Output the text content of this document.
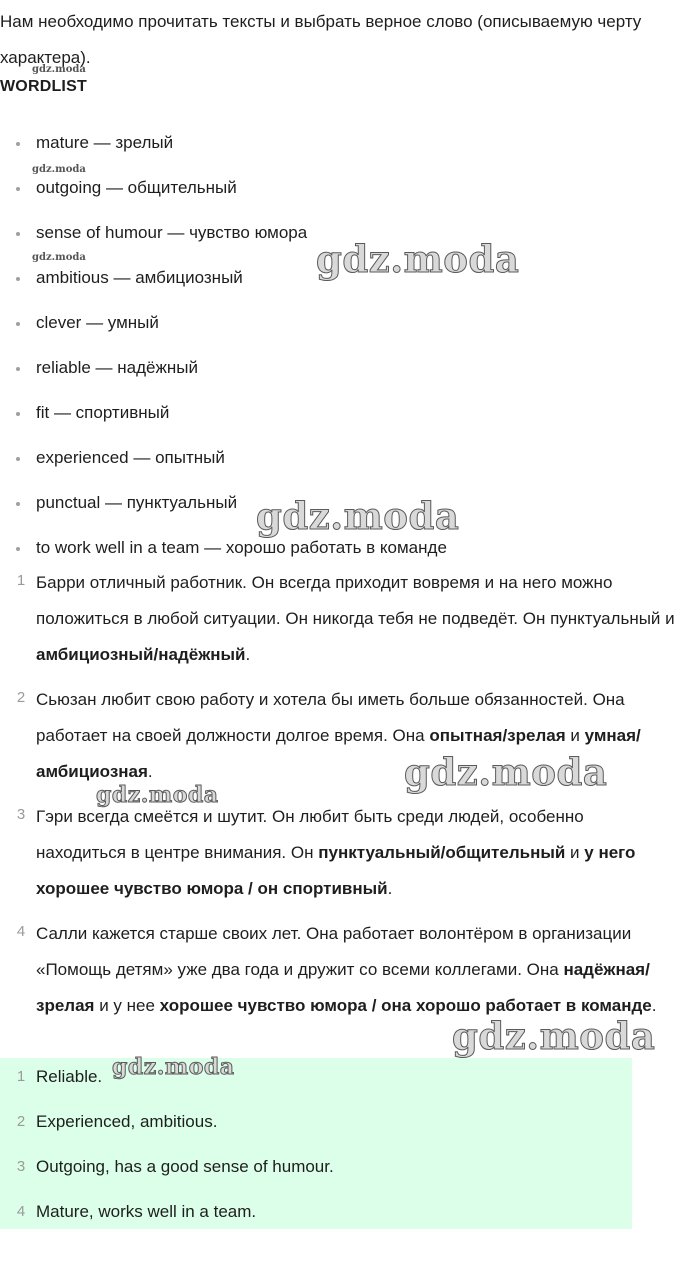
Нам необходимо прочитать тексты и выбрать верное слово (описываемую черту характера).

WORDLIST
mature — зрелый
outgoing — общительный
sense of humour — чувство юмора
ambitious — амбициозный
clever — умный
reliable — надёжный
fit — спортивный
experienced — опытный
punctual — пунктуальный
to work well in a team — хорошо работать в команде
1 Барри отличный работник. Он всегда приходит вовремя и на него можно положиться в любой ситуации. Он никогда тебя не подведёт. Он пунктуальный и амбициозный/надёжный.
2 Сьюзан любит свою работу и хотела бы иметь больше обязанностей. Она работает на своей должности долгое время. Она опытная/зрелая и умная/амбициозная.
3 Гэри всегда смеётся и шутит. Он любит быть среди людей, особенно находиться в центре внимания. Он пунктуальный/общительный и у него хорошее чувство юмора / он спортивный.
4 Салли кажется старше своих лет. Она работает волонтёром в организации «Помощь детям» уже два года и дружит со всеми коллегами. Она надёжная/зрелая и у нее хорошее чувство юмора / она хорошо работает в команде.
1 Reliable.
2 Experienced, ambitious.
3 Outgoing, has a good sense of humour.
4 Mature, works well in a team.
gdz.moda
gdz.moda
gdz.moda	gdz.moda
gdz.moda
gdz.moda
gdz.moda
gdz.moda
gdz.moda
